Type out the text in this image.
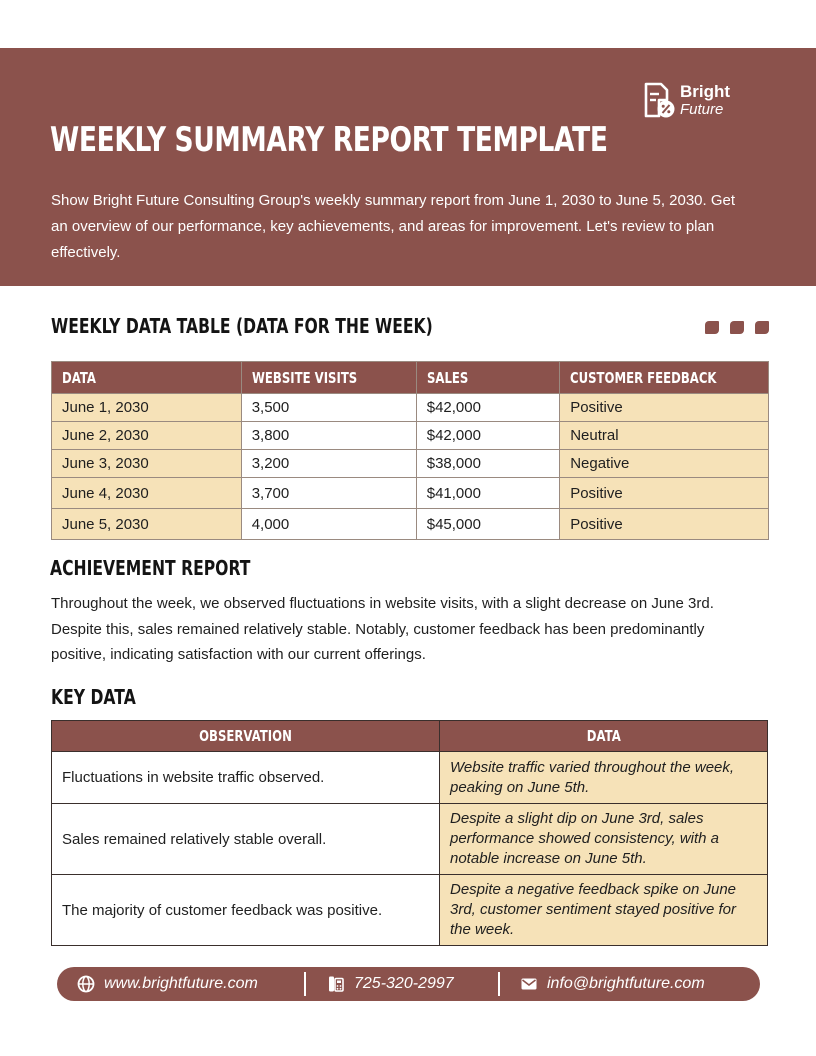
Bright
Future
WEEKLY SUMMARY REPORT TEMPLATE

Show Bright Future Consulting Group's weekly summary report from June 1, 2030 to June 5, 2030. Get an overview of our performance, key achievements, and areas for improvement. Let's review to plan effectively.

WEEKLY DATA TABLE (DATA FOR THE WEEK)
DATA	WEBSITE VISITS	SALES	CUSTOMER FEEDBACK
June 1, 2030	3,500	$42,000	Positive
June 2, 2030	3,800	$42,000	Neutral
June 3, 2030	3,200	$38,000	Negative
June 4, 2030	3,700	$41,000	Positive
June 5, 2030	4,000	$45,000	Positive
ACHIEVEMENT REPORT

Throughout the week, we observed fluctuations in website visits, with a slight decrease on June 3rd. Despite this, sales remained relatively stable. Notably, customer feedback has been predominantly positive, indicating satisfaction with our current offerings.

KEY DATA
OBSERVATION	DATA
Fluctuations in website traffic observed.	Website traffic varied throughout the week, peaking on June 5th.
Sales remained relatively stable overall.	Despite a slight dip on June 3rd, sales performance showed consistency, with a notable increase on June 5th.
The majority of customer feedback was positive.	Despite a negative feedback spike on June 3rd, customer sentiment stayed positive for the week.
www.brightfuture.com	725-320-2997	info@brightfuture.com
